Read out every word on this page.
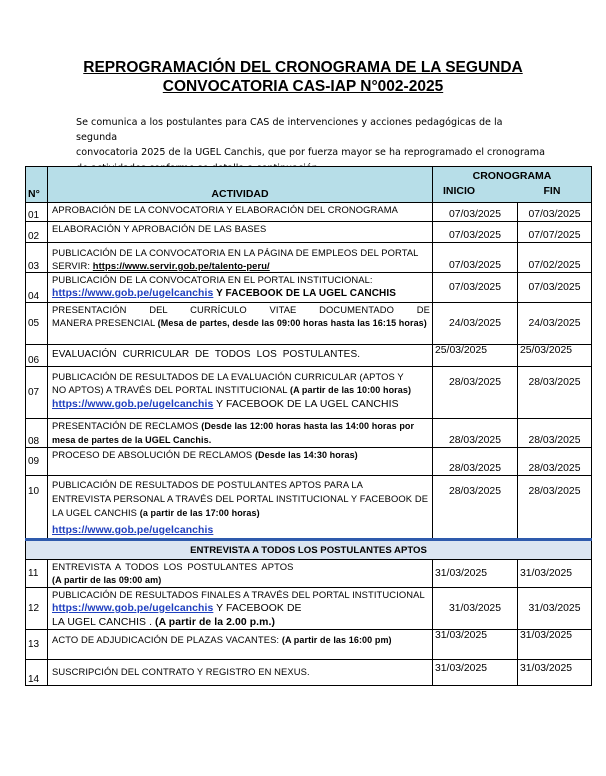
REPROGRAMACIÓN DEL CRONOGRAMA DE LA SEGUNDA
CONVOCATORIA CAS-IAP N°002-2025
Se comunica a los postulantes para CAS de intervenciones y acciones pedagógicas de la segunda
convocatoria 2025 de la UGEL Canchis, que por fuerza mayor se ha reprogramado el cronograma
N°	ACTIVIDAD	CRONOGRAMA	
		INICIO	FIN
01	APROBACIÓN DE LA CONVOCATORIA Y ELABORACIÓN DEL CRONOGRAMA	07/03/2025	07/03/2025
02	ELABORACIÓN Y APROBACIÓN DE LAS BASES	07/03/2025	07/07/2025
03	PUBLICACIÓN DE LA CONVOCATORIA EN LA PÁGINA DE EMPLEOS DEL PORTAL
SERVIR: https://www.servir.gob.pe/talento-peru/	07/03/2025	07/02/2025
04	PUBLICACIÓN DE LA CONVOCATORIA EN EL PORTAL INSTITUCIONAL:
https://www.gob.pe/ugelcanchis Y FACEBOOK DE LA UGEL CANCHIS	07/03/2025	07/03/2025
05	PRESENTACIÓN DEL CURRÍCULO VITAE DOCUMENTADO DE
MANERA PRESENCIAL (Mesa de partes, desde las 09:00 horas hasta las 16:15 horas)	24/03/2025	24/03/2025
06	EVALUACIÓN CURRICULAR DE TODOS LOS POSTULANTES.	25/03/2025	25/03/2025
07	PUBLICACIÓN DE RESULTADOS DE LA EVALUACIÓN CURRICULAR (APTOS Y
NO APTOS) A TRAVÉS DEL PORTAL INSTITUCIONAL (A partir de las 10:00 horas)
https://www.gob.pe/ugelcanchis Y FACEBOOK DE LA UGEL CANCHIS	28/03/2025	28/03/2025
08	PRESENTACIÓN DE RECLAMOS (Desde las 12:00 horas hasta las 14:00 horas por mesa de partes de la UGEL Canchis.	28/03/2025	28/03/2025
09	PROCESO DE ABSOLUCIÓN DE RECLAMOS (Desde las 14:30 horas)	28/03/2025	28/03/2025
10	PUBLICACIÓN DE RESULTADOS DE POSTULANTES APTOS PARA LA
ENTREVISTA PERSONAL A TRAVÉS DEL PORTAL INSTITUCIONAL Y FACEBOOK DE
LA UGEL CANCHIS (a partir de las 17:00 horas)
https://www.gob.pe/ugelcanchis	28/03/2025	28/03/2025
ENTREVISTA A TODOS LOS POSTULANTES APTOS			
11	ENTREVISTA A TODOS LOS POSTULANTES APTOS
(A partir de las 09:00 am)	31/03/2025	31/03/2025
12	PUBLICACIÓN DE RESULTADOS FINALES A TRAVÉS DEL PORTAL INSTITUCIONAL
https://www.gob.pe/ugelcanchis Y FACEBOOK DE
LA UGEL CANCHIS . (A partir de la 2.00 p.m.)	31/03/2025	31/03/2025
13	ACTO DE ADJUDICACIÓN DE PLAZAS VACANTES: (A partir de las 16:00 pm)	31/03/2025	31/03/2025
14	SUSCRIPCIÓN DEL CONTRATO Y REGISTRO EN NEXUS.	31/03/2025	31/03/2025
